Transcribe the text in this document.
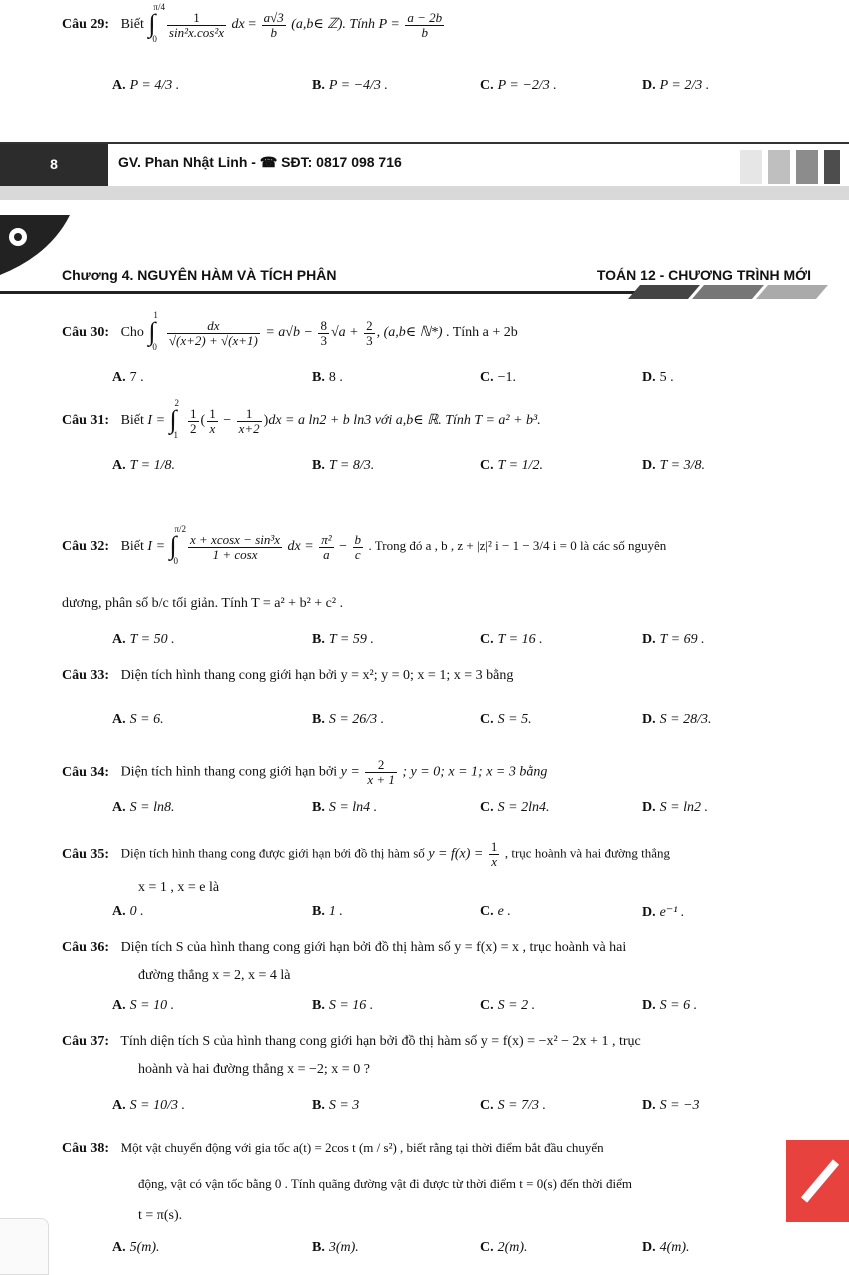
Câu 29: Biết ∫
π/4
0
$\frac{1}{\text{sin²x.cos²x}}$ dx = $\frac{a√3}{b}$ (a,b∈ ℤ). Tính $P = \frac{a - 2b}{b}$
A. P = 4/3 .	B. P = −4/3 .	C. P = −2/3 .	D. P = 2/3 .
8	GV. Phan Nhật Linh - ☎ SĐT: 0817 098 716
Chương 4. NGUYÊN HÀM VÀ TÍCH PHÂN	TOÁN 12 - CHƯƠNG TRÌNH MỚI
Câu 30: Cho ∫
1
0
$\frac{dx}{√(x+2) + √(x+1)} = a√b - \frac{8}{3} √a + \frac{2}{3}$ , (a,b∈ ℕ*) . Tính a + 2b
A. 7 .	B. 8 .	C. −1.	D. 5 .
Câu 31: Biết I = ∫
2
1
$\frac{1}{2}$ ( $\frac{1}{x} - \frac{1}{x+2} )dx = a$ ln2 + b ln3 với a,b∈ ℝ. Tính T = a² + b³.
A. T = 1/8.	B. T = 8/3.	C. T = 1/2.	D. T = 3/8.
Câu 32: Biết I = ∫
π/2
0
$\frac{\text{x + xcosx − sin³x}}{1 + \cos x}$ dx = $\frac{\text{π²}}{a} - \frac{b}{c}$ . Trong đó a , b , z + |z|² i − 1 − 3/4 i = 0 là các số nguyên
dương, phân số b/c tối giản. Tính T = a² + b² + c² .
A. T = 50 .	B. T = 59 .	C. T = 16 .	D. T = 69 .
Câu 33: Diện tích hình thang cong giới hạn bởi y = x²; y = 0; x = 1; x = 3 bằng
A. S = 6.	B. S = 26/3 .	C. S = 5.	D. S = 28/3.
Câu 34: Diện tích hình thang cong giới hạn bởi $y = \frac{2}{x + 1}$ ; y = 0; x = 1; x = 3 bằng
A. S = ln8.	B. S = ln4 .	C. S = 2ln4.	D. S = ln2 .
Câu 35: Diện tích hình thang cong được giới hạn bởi đồ thị hàm số $y = f(x) = \frac{1}{x}$ , trục hoành và hai đường thẳng
x = 1 , x = e là
A. 0 .	B. 1 .	C. e .	D. e⁻¹ .
Câu 36: Diện tích S của hình thang cong giới hạn bởi đồ thị hàm số y = f(x) = x , trục hoành và hai
đường thẳng x = 2, x = 4 là
A. S = 10 .	B. S = 16 .	C. S = 2 .	D. S = 6 .
Câu 37: Tính diện tích S của hình thang cong giới hạn bởi đồ thị hàm số y = f(x) = −x² − 2x + 1 , trục
hoành và hai đường thẳng x = −2; x = 0 ?
A. S = 10/3 .	B. S = 3	C. S = 7/3 .	D. S = −3
Câu 38: Một vật chuyển động với gia tốc a(t) = 2cos t (m / s²) , biết rằng tại thời điểm bắt đầu chuyển
động, vật có vận tốc bằng 0 . Tính quãng đường vật đi được từ thời điểm t = 0(s) đến thời điểm
t = π(s).
A. 5(m).	B. 3(m).	C. 2(m).	D. 4(m).
